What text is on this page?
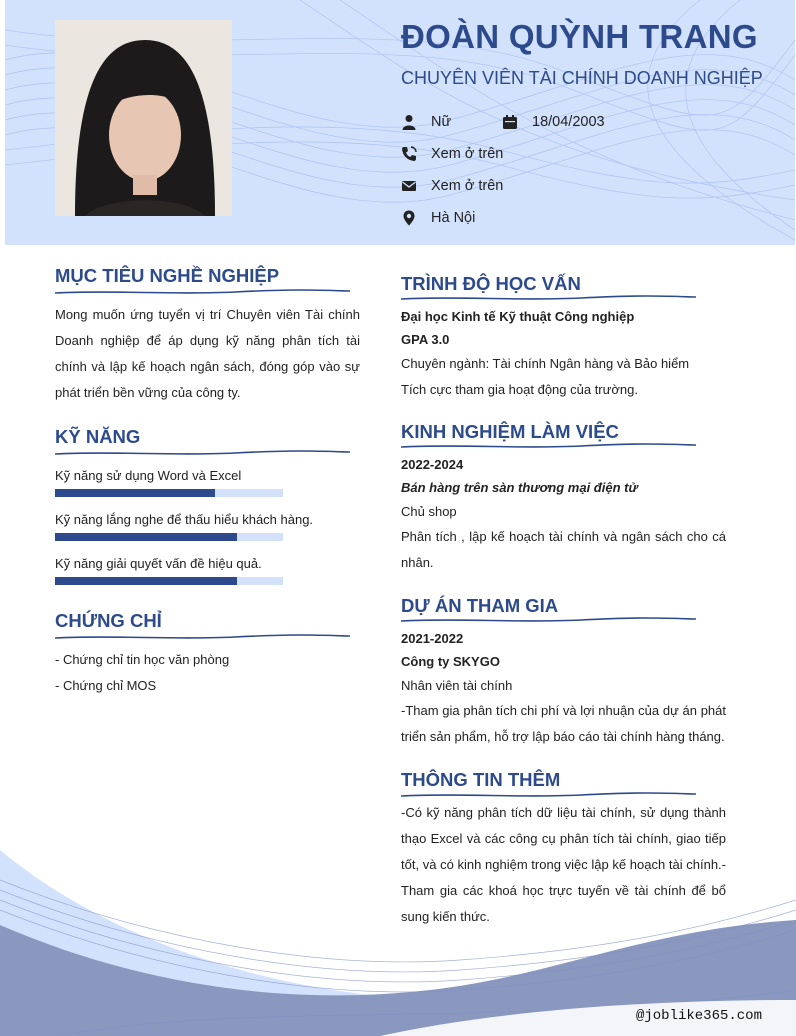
ĐOÀN QUỲNH TRANG
CHUYÊN VIÊN TÀI CHÍNH DOANH NGHIỆP
Nữ	18/04/2003
Xem ở trên
Xem ở trên
Hà Nội
MỤC TIÊU NGHỀ NGHIỆP
Mong muốn ứng tuyển vị trí Chuyên viên Tài chính Doanh nghiệp để áp dụng kỹ năng phân tích tài chính và lập kế hoạch ngân sách, đóng góp vào sự phát triển bền vững của công ty.
KỸ NĂNG
Kỹ năng sử dụng Word và Excel
Kỹ năng lắng nghe để thấu hiểu khách hàng.
Kỹ năng giải quyết vấn đề hiệu quả.
CHỨNG CHỈ
- Chứng chỉ tin học văn phòng
- Chứng chỉ MOS
TRÌNH ĐỘ HỌC VẤN
Đại học Kinh tế Kỹ thuật Công nghiệp
GPA 3.0
Chuyên ngành: Tài chính Ngân hàng và Bảo hiểm
Tích cực tham gia hoạt động của trường.
KINH NGHIỆM LÀM VIỆC
2022-2024
Bán hàng trên sàn thương mại điện tử
Chủ shop
Phân tích , lập kế hoạch tài chính và ngân sách cho cá nhân.
DỰ ÁN THAM GIA
2021-2022
Công ty SKYGO
Nhân viên tài chính
-Tham gia phân tích chi phí và lợi nhuận của dự án phát triển sản phẩm, hỗ trợ lập báo cáo tài chính hàng tháng.
THÔNG TIN THÊM
-Có kỹ năng phân tích dữ liệu tài chính, sử dụng thành thạo Excel và các công cụ phân tích tài chính, giao tiếp tốt, và có kinh nghiệm trong việc lập kế hoạch tài chính.-Tham gia các khoá học trực tuyến về tài chính để bổ sung kiến thức.
@joblike365.com
